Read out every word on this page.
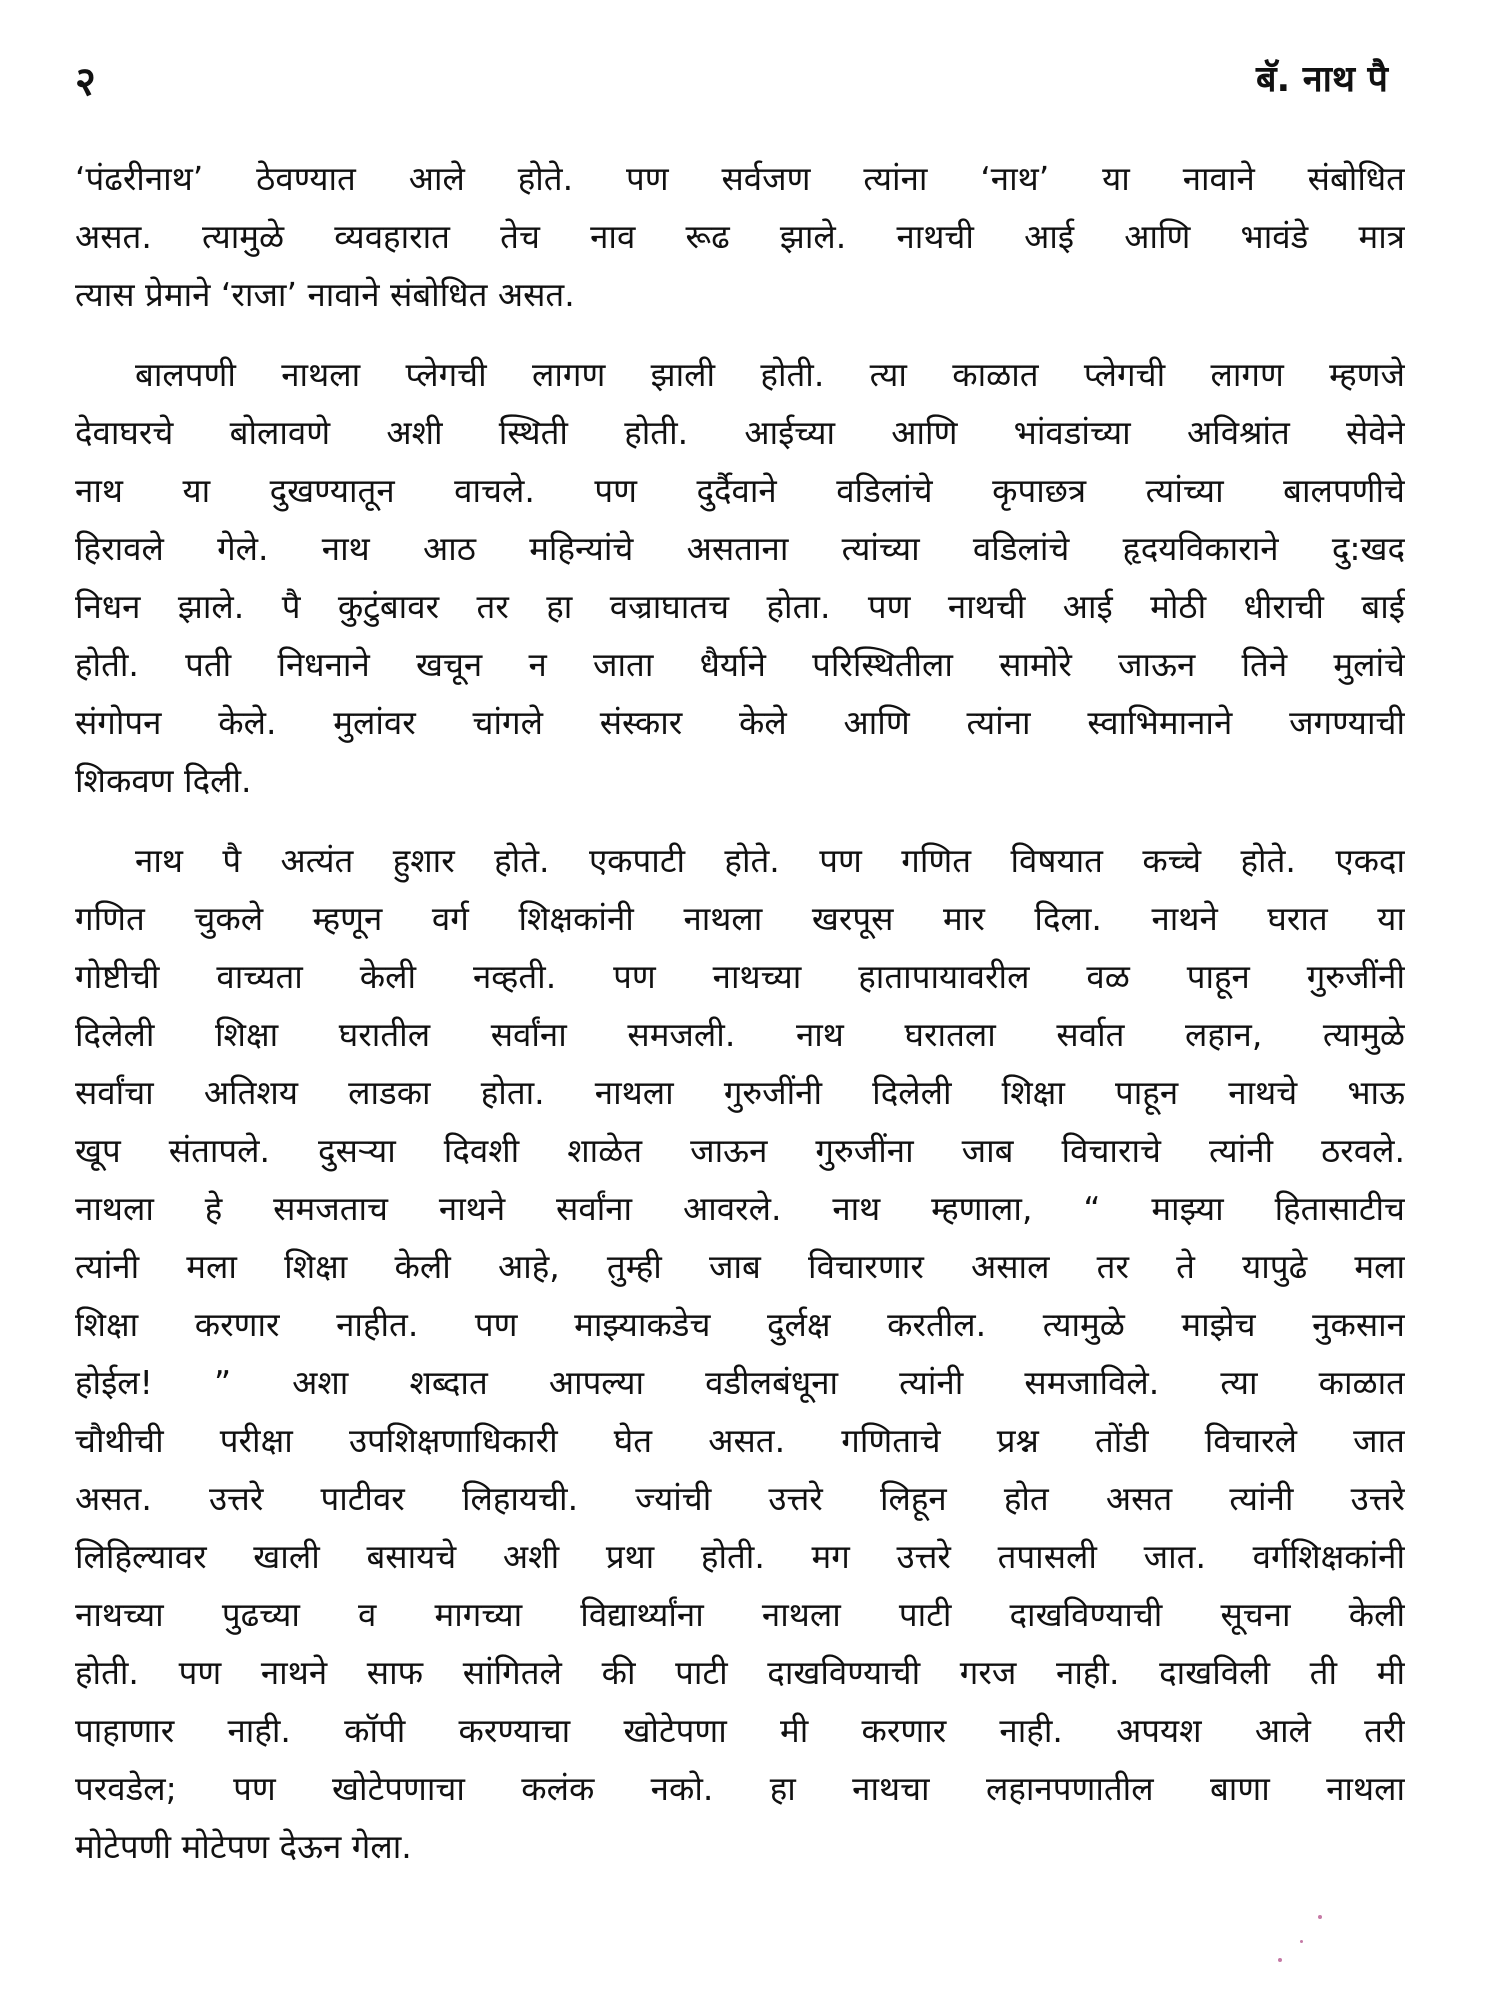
२	बॅ. नाथ पै

‘पंढरीनाथ’ ठेवण्यात आले होते. पण सर्वजण त्यांना ‘नाथ’ या नावाने संबोधित
असत. त्यामुळे व्यवहारात तेच नाव रूढ झाले. नाथची आई आणि भावंडे मात्र
त्यास प्रेमाने ‘राजा’ नावाने संबोधित असत.

बालपणी नाथला प्लेगची लागण झाली होती. त्या काळात प्लेगची लागण म्हणजे
देवाघरचे बोलावणे अशी स्थिती होती. आईच्या आणि भांवडांच्या अविश्रांत सेवेने
नाथ या दुखण्यातून वाचले. पण दुर्दैवाने वडिलांचे कृपाछत्र त्यांच्या बालपणीचे
हिरावले गेले. नाथ आठ महिन्यांचे असताना त्यांच्या वडिलांचे हृदयविकाराने दु:खद
निधन झाले. पै कुटुंबावर तर हा वज्राघातच होता. पण नाथची आई मोठी धीराची बाई
होती. पती निधनाने खचून न जाता धैर्याने परिस्थितीला सामोरे जाऊन तिने मुलांचे
संगोपन केले. मुलांवर चांगले संस्कार केले आणि त्यांना स्वाभिमानाने जगण्याची
शिकवण दिली.

नाथ पै अत्यंत हुशार होते. एकपाटी होते. पण गणित विषयात कच्चे होते. एकदा
गणित चुकले म्हणून वर्ग शिक्षकांनी नाथला खरपूस मार दिला. नाथने घरात या
गोष्टीची वाच्यता केली नव्हती. पण नाथच्या हातापायावरील वळ पाहून गुरुजींनी
दिलेली शिक्षा घरातील सर्वांना समजली. नाथ घरातला सर्वात लहान, त्यामुळे
सर्वांचा अतिशय लाडका होता. नाथला गुरुजींनी दिलेली शिक्षा पाहून नाथचे भाऊ
खूप संतापले. दुसऱ्या दिवशी शाळेत जाऊन गुरुजींना जाब विचाराचे त्यांनी ठरवले.
नाथला हे समजताच नाथने सर्वांना आवरले. नाथ म्हणाला, “ माझ्या हितासाटीच
त्यांनी मला शिक्षा केली आहे, तुम्ही जाब विचारणार असाल तर ते यापुढे मला
शिक्षा करणार नाहीत. पण माझ्याकडेच दुर्लक्ष करतील. त्यामुळे माझेच नुकसान
होईल! ” अशा शब्दात आपल्या वडीलबंधूना त्यांनी समजाविले. त्या काळात
चौथीची परीक्षा उपशिक्षणाधिकारी घेत असत. गणिताचे प्रश्न तोंडी विचारले जात
असत. उत्तरे पाटीवर लिहायची. ज्यांची उत्तरे लिहून होत असत त्यांनी उत्तरे
लिहिल्यावर खाली बसायचे अशी प्रथा होती. मग उत्तरे तपासली जात. वर्गशिक्षकांनी
नाथच्या पुढच्या व मागच्या विद्यार्थ्यांना नाथला पाटी दाखविण्याची सूचना केली
होती. पण नाथने साफ सांगितले की पाटी दाखविण्याची गरज नाही. दाखविली ती मी
पाहाणार नाही. कॉपी करण्याचा खोटेपणा मी करणार नाही. अपयश आले तरी
परवडेल; पण खोटेपणाचा कलंक नको. हा नाथचा लहानपणातील बाणा नाथला
मोटेपणी मोटेपण देऊन गेला.
